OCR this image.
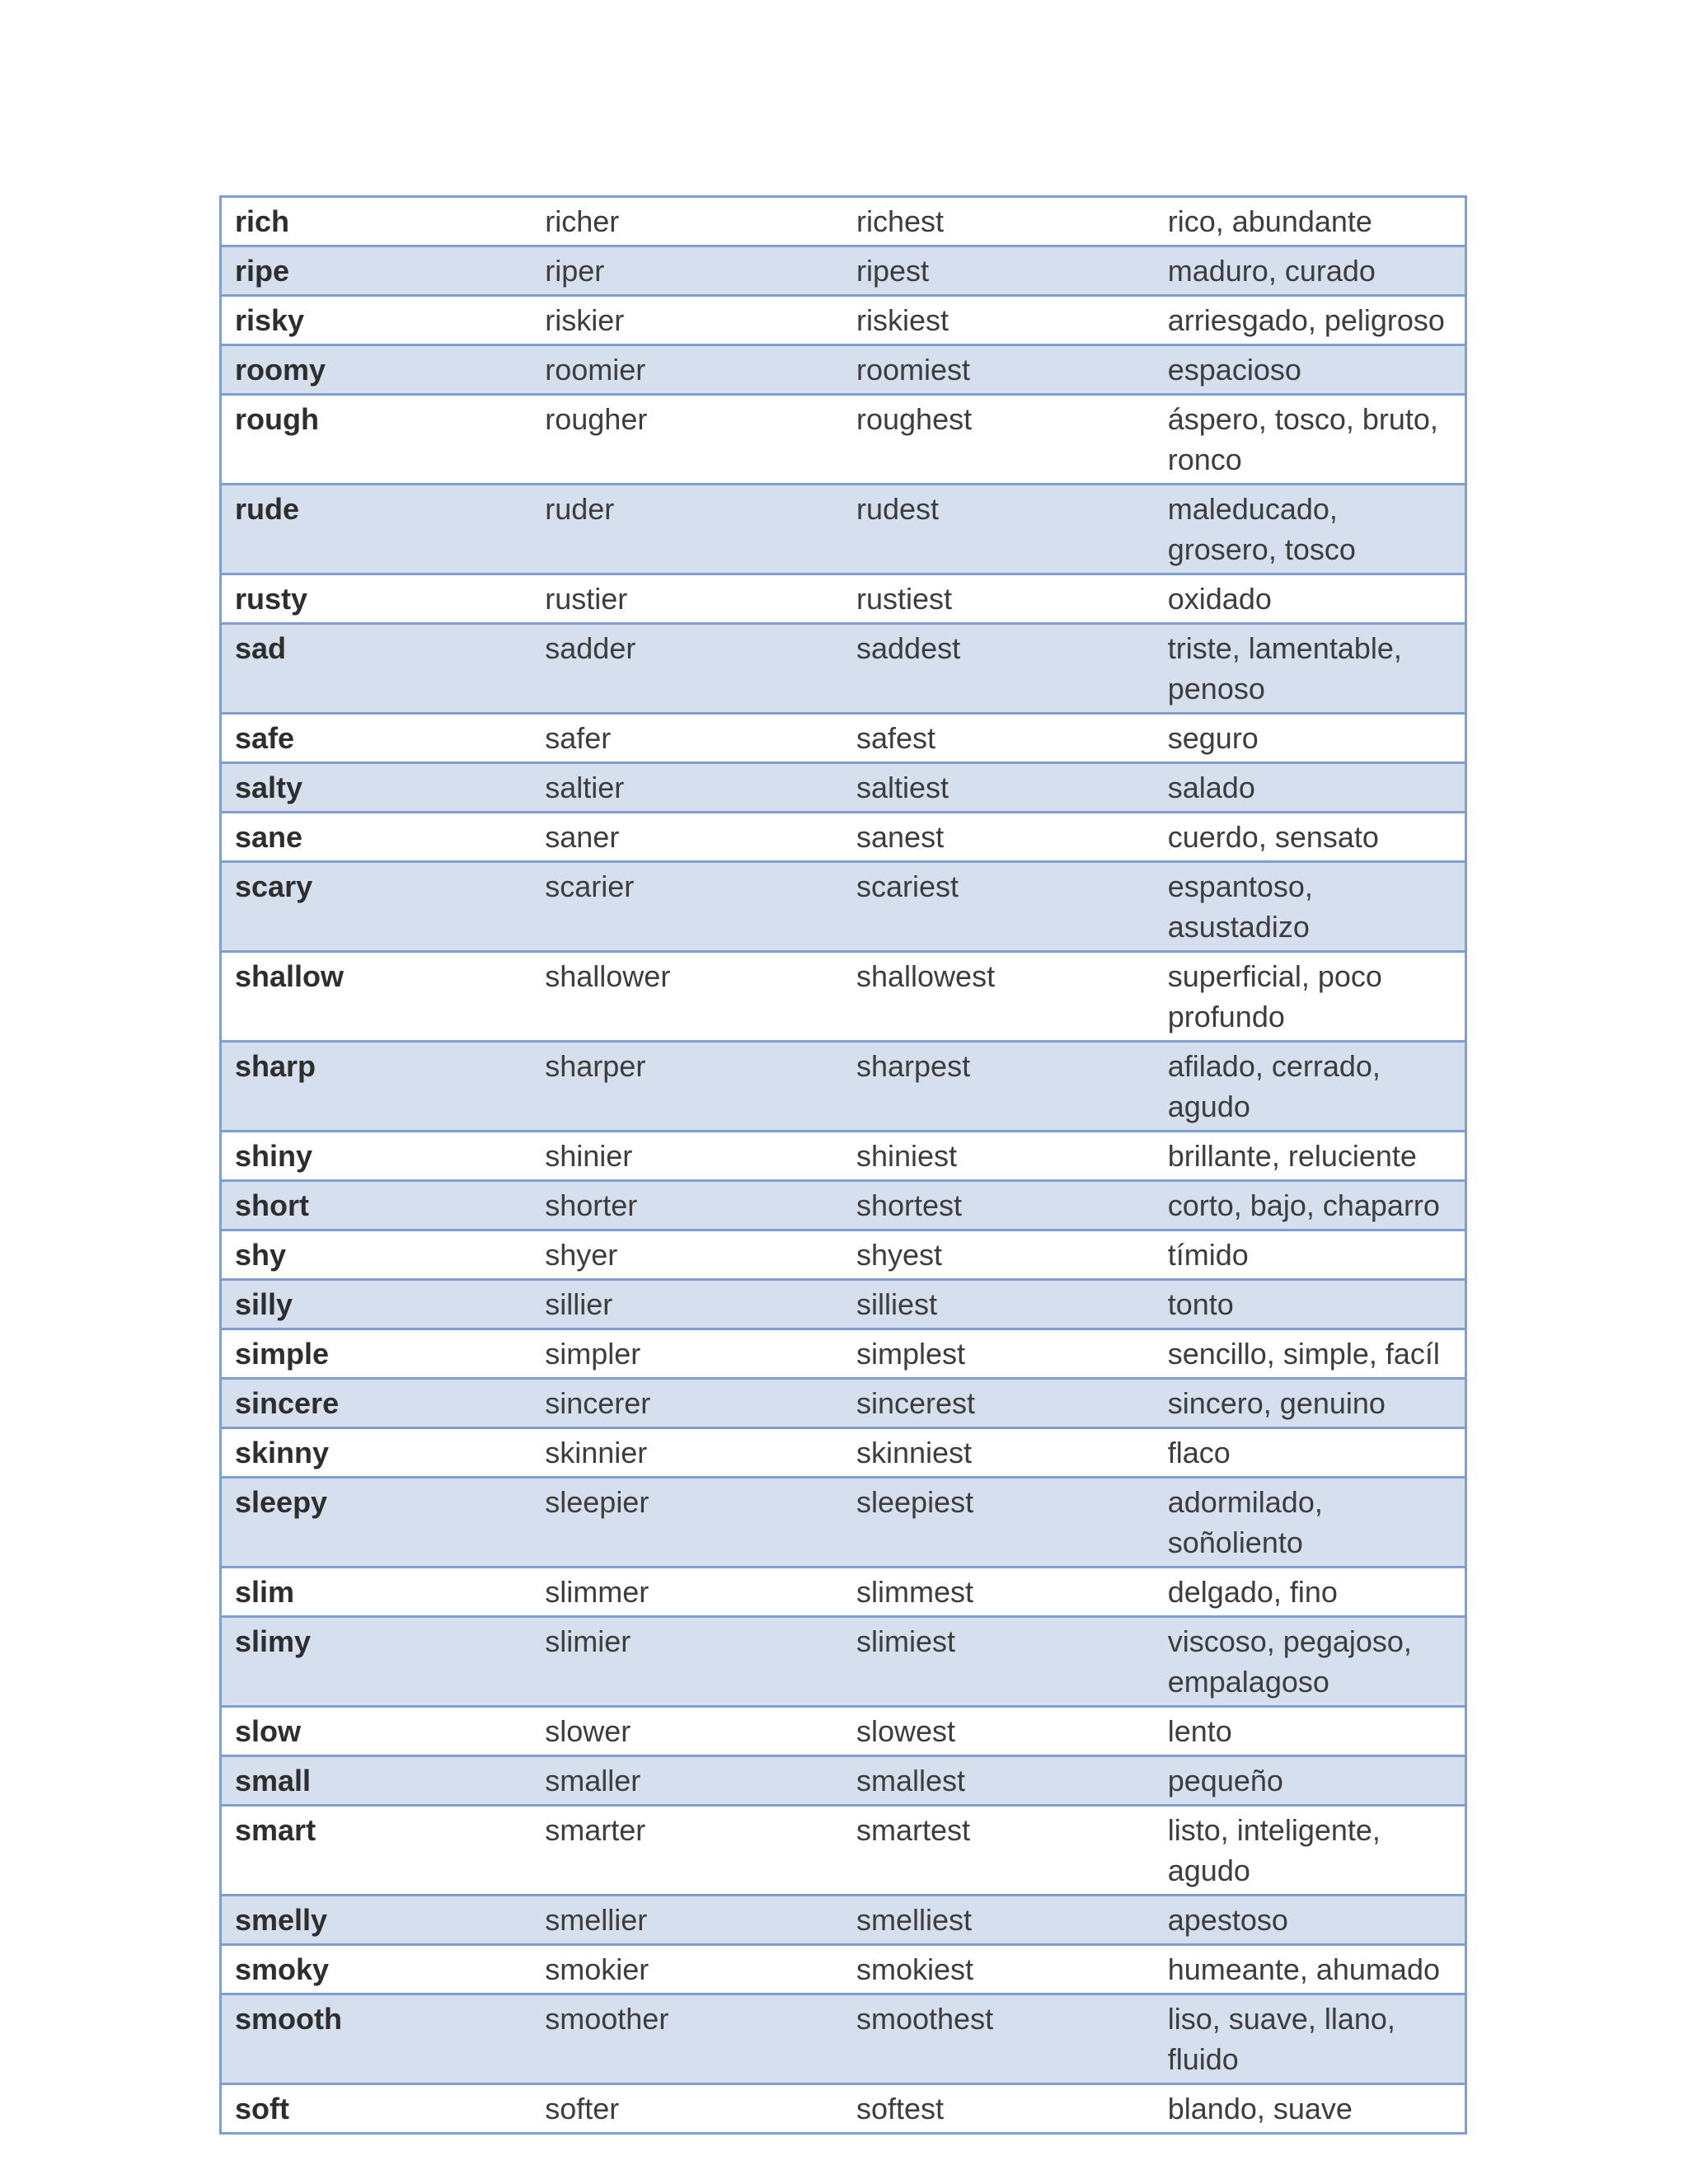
rich	richer	richest	rico, abundante
ripe	riper	ripest	maduro, curado
risky	riskier	riskiest	arriesgado, peligroso
roomy	roomier	roomiest	espacioso
rough	rougher	roughest	áspero, tosco, bruto, ronco
rude	ruder	rudest	maleducado, grosero, tosco
rusty	rustier	rustiest	oxidado
sad	sadder	saddest	triste, lamentable, penoso
safe	safer	safest	seguro
salty	saltier	saltiest	salado
sane	saner	sanest	cuerdo, sensato
scary	scarier	scariest	espantoso, asustadizo
shallow	shallower	shallowest	superficial, poco profundo
sharp	sharper	sharpest	afilado, cerrado, agudo
shiny	shinier	shiniest	brillante, reluciente
short	shorter	shortest	corto, bajo, chaparro
shy	shyer	shyest	tímido
silly	sillier	silliest	tonto
simple	simpler	simplest	sencillo, simple, facíl
sincere	sincerer	sincerest	sincero, genuino
skinny	skinnier	skinniest	flaco
sleepy	sleepier	sleepiest	adormilado, soñoliento
slim	slimmer	slimmest	delgado, fino
slimy	slimier	slimiest	viscoso, pegajoso, empalagoso
slow	slower	slowest	lento
small	smaller	smallest	pequeño
smart	smarter	smartest	listo, inteligente, agudo
smelly	smellier	smelliest	apestoso
smoky	smokier	smokiest	humeante, ahumado
smooth	smoother	smoothest	liso, suave, llano, fluido
soft	softer	softest	blando, suave
